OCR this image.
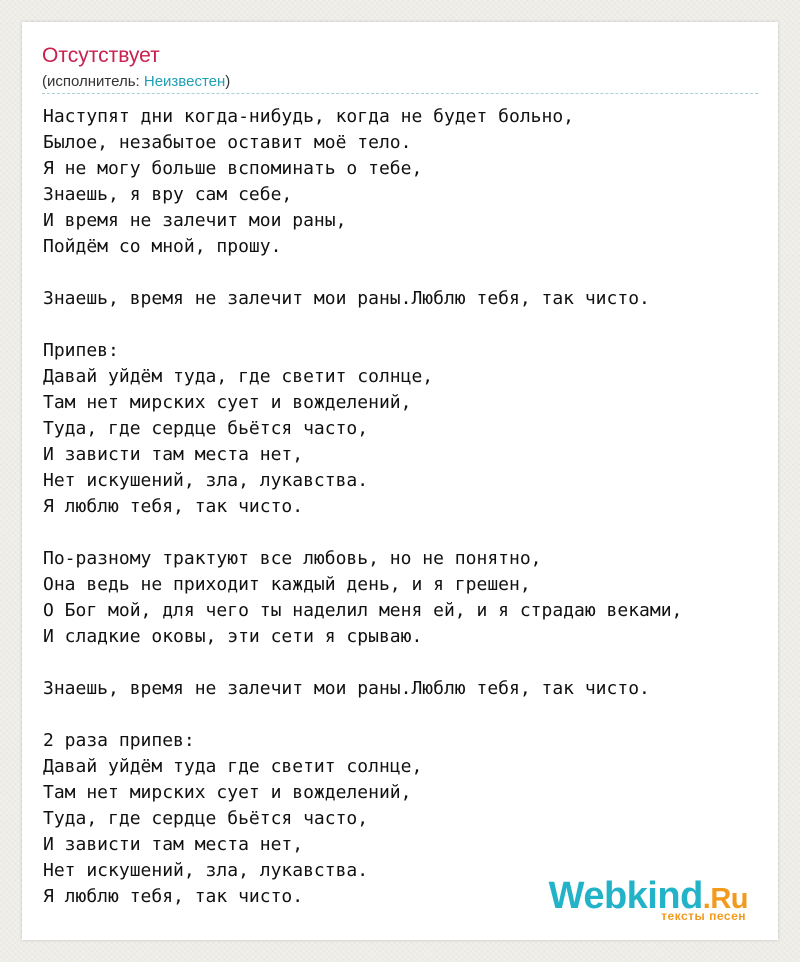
Отсутствует
(исполнитель: Неизвестен)
Наступят дни когда-нибудь, когда не будет больно,
Былое, незабытое оставит моё тело.
Я не могу больше вспоминать о тебе,
Знаешь, я вру сам себе,
И время не залечит мои раны,
Пойдём со мной, прошу.

Знаешь, время не залечит мои раны.Люблю тебя, так чисто.

Припев:
Давай уйдём туда, где светит солнце,
Там нет мирских сует и вожделений,
Туда, где сердце бьётся часто,
И зависти там места нет,
Нет искушений, зла, лукавства.
Я люблю тебя, так чисто.

По-разному трактуют все любовь, но не понятно,
Она ведь не приходит каждый день, и я грешен,
О Бог мой, для чего ты наделил меня ей, и я страдаю веками,
И сладкие оковы, эти сети я срываю.

Знаешь, время не залечит мои раны.Люблю тебя, так чисто.

2 раза припев:
Давай уйдём туда где светит солнце,
Там нет мирских сует и вожделений,
Туда, где сердце бьётся часто,
И зависти там места нет,
Нет искушений, зла, лукавства.
Я люблю тебя, так чисто.	Webkind.Ru
тексты песен
